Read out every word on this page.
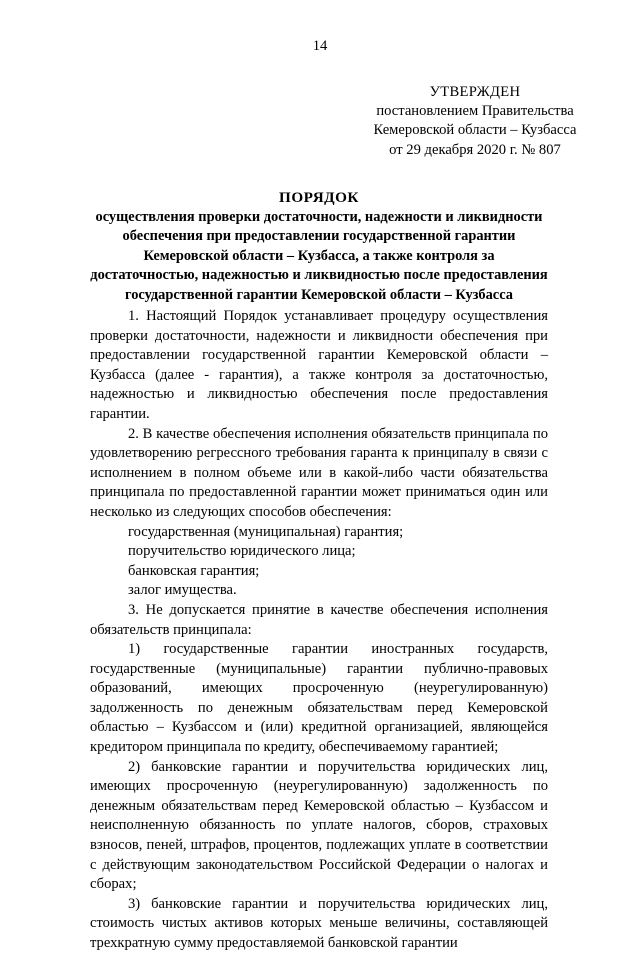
14
УТВЕРЖДЕН
постановлением Правительства
Кемеровской области – Кузбасса
от 29 декабря 2020 г. № 807
ПОРЯДОК
осуществления проверки достаточности, надежности и ликвидности обеспечения при предоставлении государственной гарантии Кемеровской области – Кузбасса, а также контроля за достаточностью, надежностью и ликвидностью после предоставления государственной гарантии Кемеровской области – Кузбасса

1. Настоящий Порядок устанавливает процедуру осуществления проверки достаточности, надежности и ликвидности обеспечения при предоставлении государственной гарантии Кемеровской области – Кузбасса (далее - гарантия), а также контроля за достаточностью, надежностью и ликвидностью обеспечения после предоставления гарантии.

2. В качестве обеспечения исполнения обязательств принципала по удовлетворению регрессного требования гаранта к принципалу в связи с исполнением в полном объеме или в какой-либо части обязательства принципала по предоставленной гарантии может приниматься один или несколько из следующих способов обеспечения:

государственная (муниципальная) гарантия;

поручительство юридического лица;

банковская гарантия;

залог имущества.

3. Не допускается принятие в качестве обеспечения исполнения обязательств принципала:

1) государственные гарантии иностранных государств, государственные (муниципальные) гарантии публично-правовых образований, имеющих просроченную (неурегулированную) задолженность по денежным обязательствам перед Кемеровской областью – Кузбассом и (или) кредитной организацией, являющейся кредитором принципала по кредиту, обеспечиваемому гарантией;

2) банковские гарантии и поручительства юридических лиц, имеющих просроченную (неурегулированную) задолженность по денежным обязательствам перед Кемеровской областью – Кузбассом и неисполненную обязанность по уплате налогов, сборов, страховых взносов, пеней, штрафов, процентов, подлежащих уплате в соответствии с действующим законодательством Российской Федерации о налогах и сборах;

3) банковские гарантии и поручительства юридических лиц, стоимость чистых активов которых меньше величины, составляющей трехкратную сумму предоставляемой банковской гарантии
